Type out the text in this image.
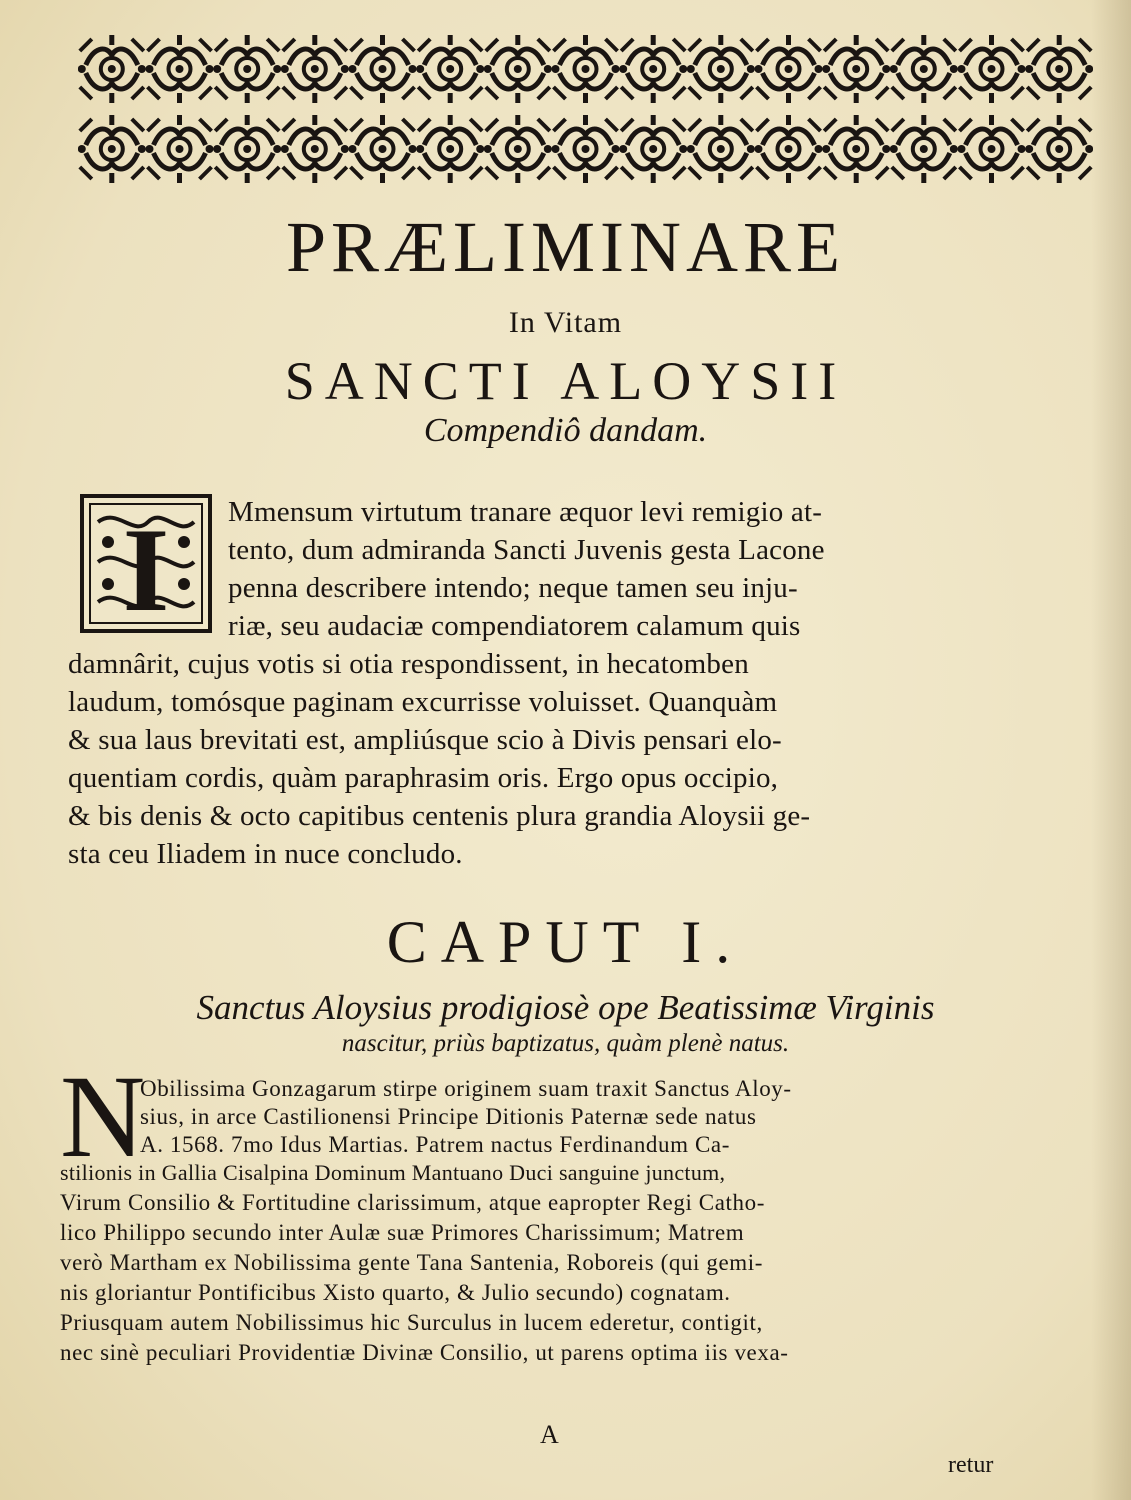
PRÆLIMINARE
In Vitam
SANCTI ALOYSII
Compendiô dandam.
I Mmensum virtutum tranare æquor levi remigio at-
tento, dum admiranda Sancti Juvenis gesta Lacone
penna describere intendo; neque tamen seu inju-
riæ, seu audaciæ compendiatorem calamum quis
damnârit, cujus votis si otia respondissent, in hecatomben
laudum, tomósque paginam excurrisse voluisset. Quanquàm
& sua laus brevitati est, ampliúsque scio à Divis pensari elo-
quentiam cordis, quàm paraphrasim oris. Ergo opus occipio,
& bis denis & octo capitibus centenis plura grandia Aloysii ge-
sta ceu Iliadem in nuce concludo.
CAPUT I.
Sanctus Aloysius prodigiosè ope Beatissimæ Virginis
nascitur, priùs baptizatus, quàm plenè natus.
N
Obilissima Gonzagarum stirpe originem suam traxit Sanctus Aloy-
sius, in arce Castilionensi Principe Ditionis Paternæ sede natus
A. 1568. 7mo Idus Martias. Patrem nactus Ferdinandum Ca-
stilionis in Gallia Cisalpina Dominum Mantuano Duci sanguine junctum,
Virum Consilio & Fortitudine clarissimum, atque eapropter Regi Catho-
lico Philippo secundo inter Aulæ suæ Primores Charissimum; Matrem
verò Martham ex Nobilissima gente Tana Santenia, Roboreis (qui gemi-
nis gloriantur Pontificibus Xisto quarto, & Julio secundo) cognatam.
Priusquam autem Nobilissimus hic Surculus in lucem ederetur, contigit,
nec sinè peculiari Providentiæ Divinæ Consilio, ut parens optima iis vexa-
A
retur
